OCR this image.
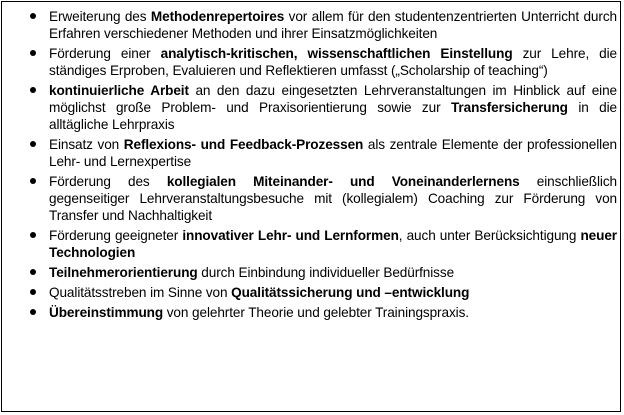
Erweiterung des Methodenrepertoires vor allem für den studentenzentrierten Unterricht durch Erfahren verschiedener Methoden und ihrer Einsatzmöglichkeiten
Förderung einer analytisch-kritischen, wissenschaftlichen Einstellung zur Lehre, die ständiges Erproben, Evaluieren und Reflektieren umfasst („Scholarship of teaching“)
kontinuierliche Arbeit an den dazu eingesetzten Lehrveranstaltungen im Hinblick auf eine möglichst große Problem- und Praxisorientierung sowie zur Transfersicherung in die alltägliche Lehrpraxis
Einsatz von Reflexions- und Feedback-Prozessen als zentrale Elemente der professionellen Lehr- und Lernexpertise
Förderung des kollegialen Miteinander- und Voneinanderlernens einschließlich gegenseitiger Lehrveranstaltungsbesuche mit (kollegialem) Coaching zur Förderung von Transfer und Nachhaltigkeit
Förderung geeigneter innovativer Lehr- und Lernformen, auch unter Berücksichtigung neuer Technologien
Teilnehmerorientierung durch Einbindung individueller Bedürfnisse
Qualitätsstreben im Sinne von Qualitätssicherung und –entwicklung
Übereinstimmung von gelehrter Theorie und gelebter Trainingspraxis.
